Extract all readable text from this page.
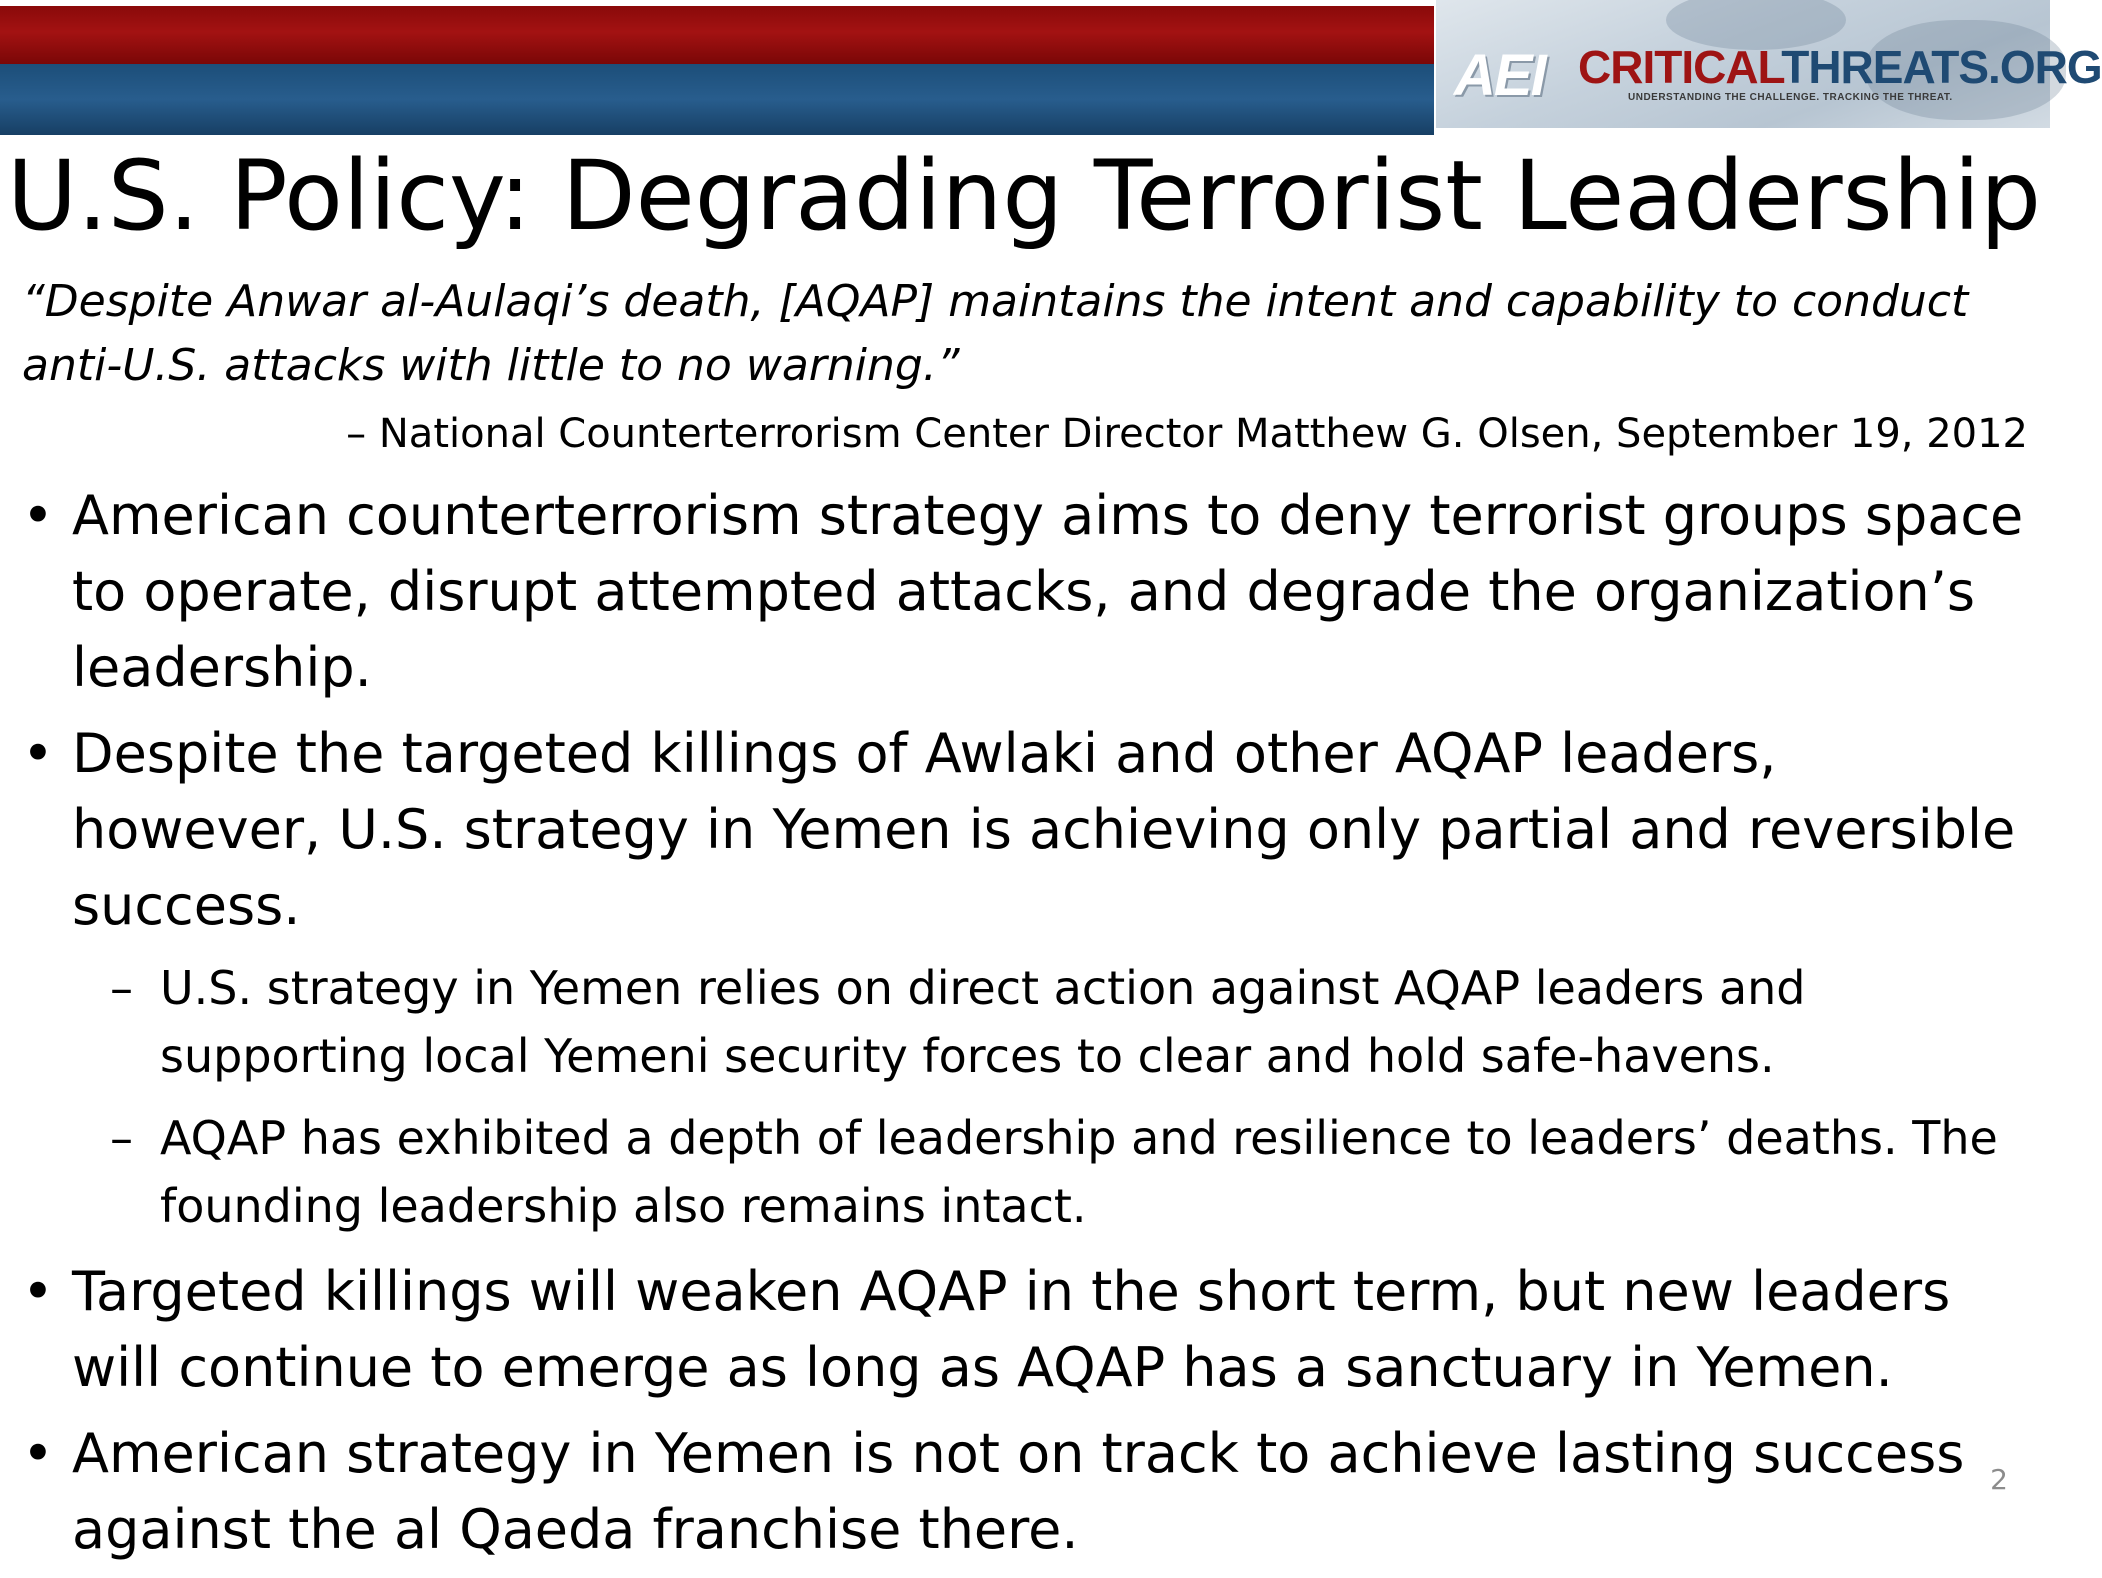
AEI CRITICALTHREATS.ORG
UNDERSTANDING THE CHALLENGE. TRACKING THE THREAT.
U.S. Policy: Degrading Terrorist Leadership
“Despite Anwar al-Aulaqi’s death, [AQAP] maintains the intent and capability to conduct anti-U.S. attacks with little to no warning.”
– National Counterterrorism Center Director Matthew G. Olsen, September 19, 2012
• American counterterrorism strategy aims to deny terrorist groups space to operate, disrupt attempted attacks, and degrade the organization’s leadership.
• Despite the targeted killings of Awlaki and other AQAP leaders, however, U.S. strategy in Yemen is achieving only partial and reversible success.
– U.S. strategy in Yemen relies on direct action against AQAP leaders and supporting local Yemeni security forces to clear and hold safe-havens.
– AQAP has exhibited a depth of leadership and resilience to leaders’ deaths. The founding leadership also remains intact.
• Targeted killings will weaken AQAP in the short term, but new leaders will continue to emerge as long as AQAP has a sanctuary in Yemen.
• American strategy in Yemen is not on track to achieve lasting success against the al Qaeda franchise there.
2
